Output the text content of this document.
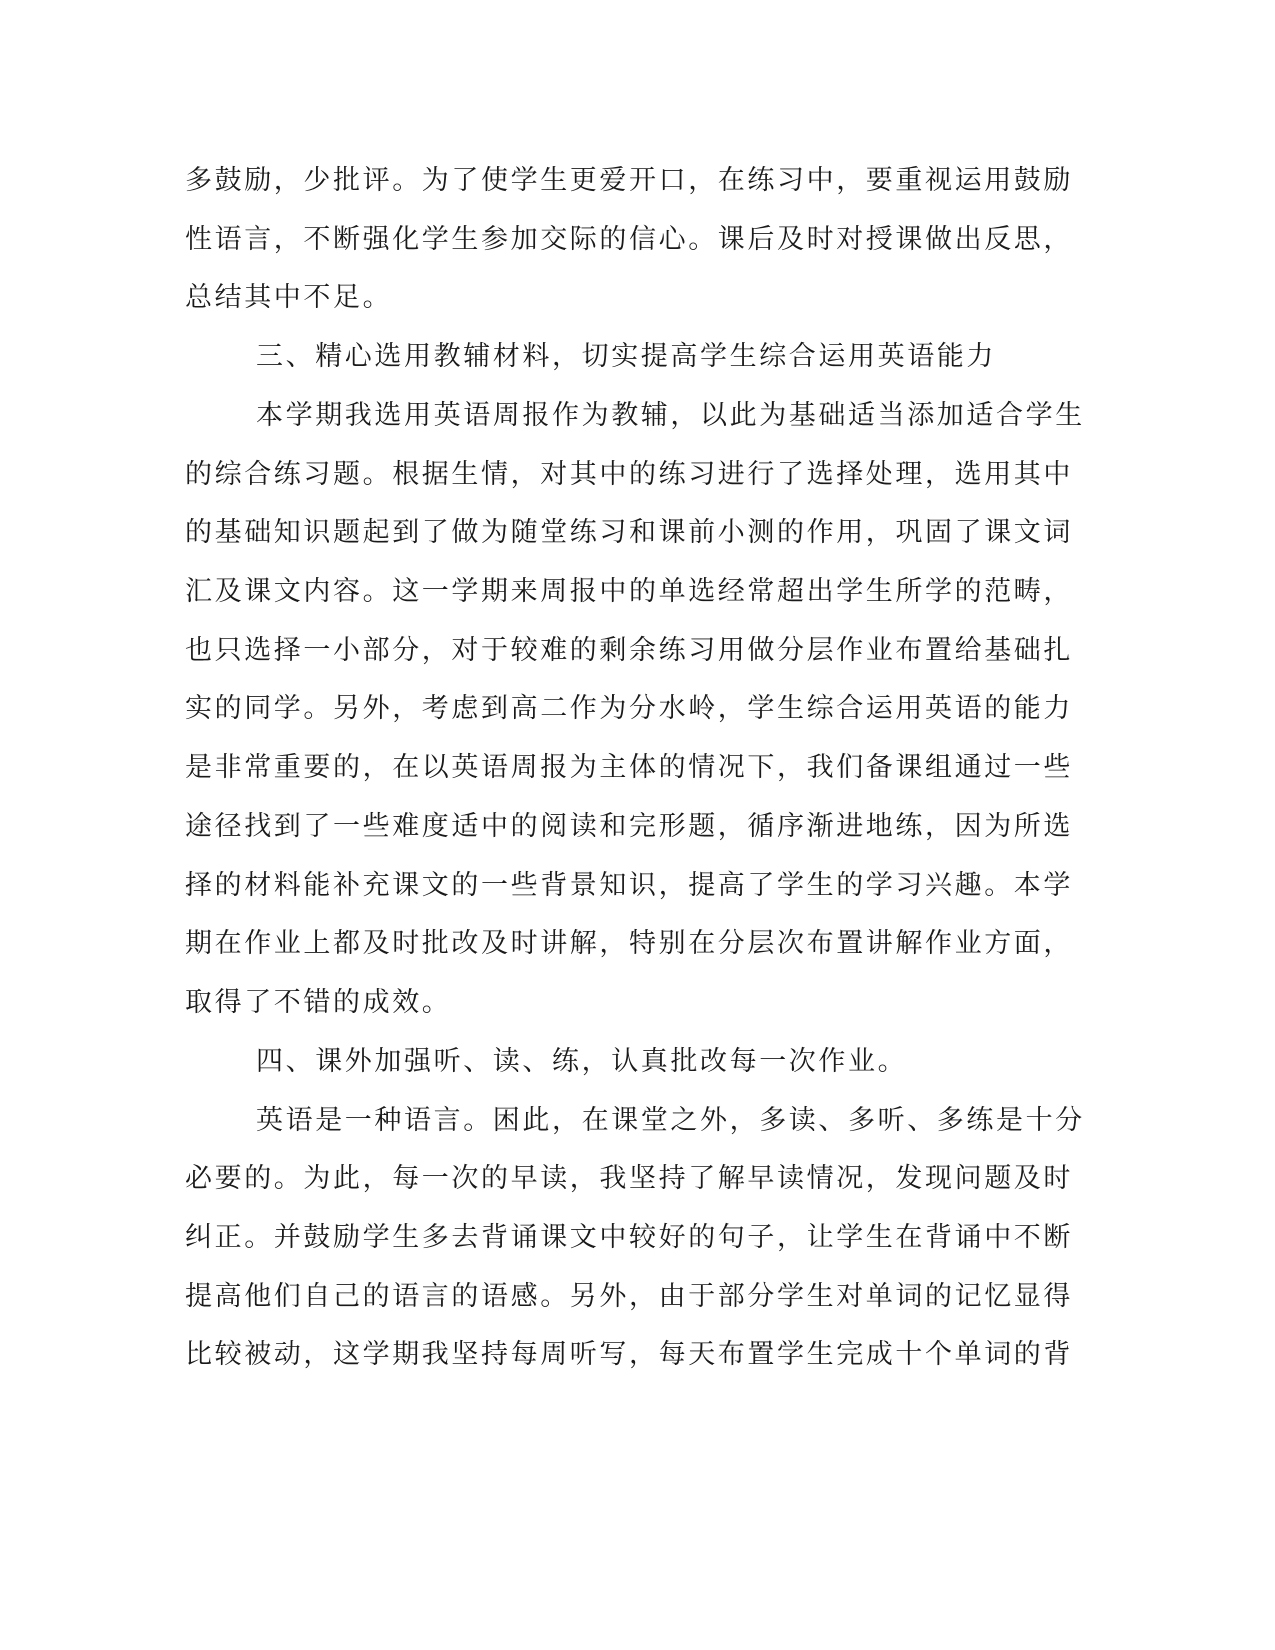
多鼓励，少批评。为了使学生更爱开口，在练习中，要重视运用鼓励
性语言，不断强化学生参加交际的信心。课后及时对授课做出反思，
总结其中不足。
三、精心选用教辅材料，切实提高学生综合运用英语能力
本学期我选用英语周报作为教辅，以此为基础适当添加适合学生
的综合练习题。根据生情，对其中的练习进行了选择处理，选用其中
的基础知识题起到了做为随堂练习和课前小测的作用，巩固了课文词
汇及课文内容。这一学期来周报中的单选经常超出学生所学的范畴，
也只选择一小部分，对于较难的剩余练习用做分层作业布置给基础扎
实的同学。另外，考虑到高二作为分水岭，学生综合运用英语的能力
是非常重要的，在以英语周报为主体的情况下，我们备课组通过一些
途径找到了一些难度适中的阅读和完形题，循序渐进地练，因为所选
择的材料能补充课文的一些背景知识，提高了学生的学习兴趣。本学
期在作业上都及时批改及时讲解，特别在分层次布置讲解作业方面，
取得了不错的成效。
四、课外加强听、读、练，认真批改每一次作业。
英语是一种语言。困此，在课堂之外，多读、多听、多练是十分
必要的。为此，每一次的早读，我坚持了解早读情况，发现问题及时
纠正。并鼓励学生多去背诵课文中较好的句子，让学生在背诵中不断
提高他们自己的语言的语感。另外，由于部分学生对单词的记忆显得
比较被动，这学期我坚持每周听写，每天布置学生完成十个单词的背
